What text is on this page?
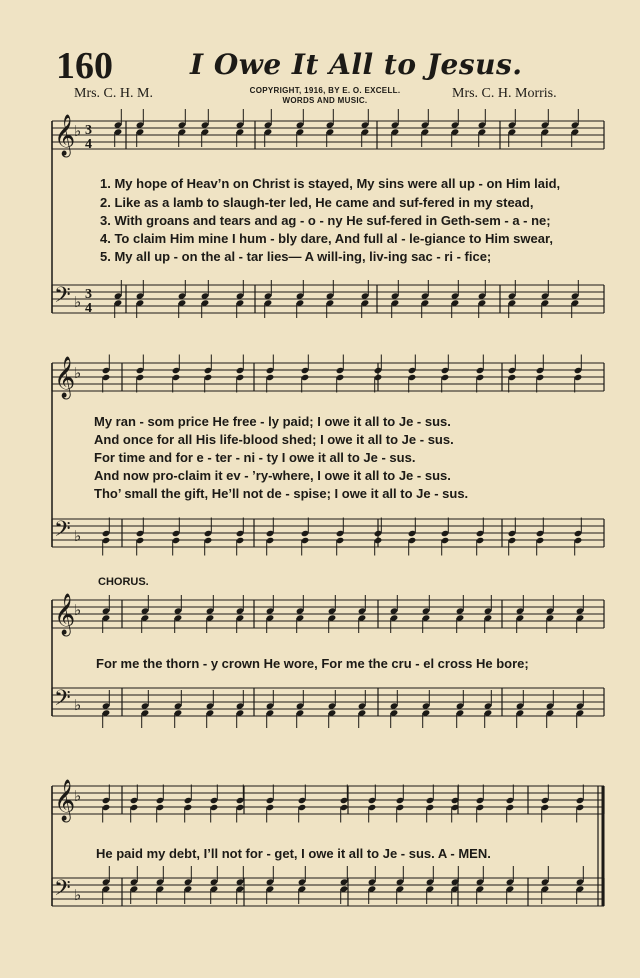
160	I Owe It All to Jesus.
Mrs. C. H. M.	COPYRIGHT, 1916, BY E. O. EXCELL.
WORDS AND MUSIC.	Mrs. C. H. Morris.
𝄞
♭ 3
4
𝄢 ♭ 3
4
𝄞
♭
𝄢 ♭
𝄞
♭
𝄢 ♭
𝄞
♭
𝄢 ♭
1. My hope of Heav’n on Christ is stayed, My sins were all up - on Him laid,
2. Like as a lamb to slaugh-ter led, He came and suf-fered in my stead,
3. With groans and tears and ag - o - ny He suf-fered in Geth-sem - a - ne;
4. To claim Him mine I hum - bly dare, And full al - le-giance to Him swear,
5. My all up - on the al - tar lies— A will-ing, liv-ing sac - ri - fice;
My ran - som price He free - ly paid; I owe it all to Je - sus.
And once for all His life-blood shed; I owe it all to Je - sus.
For time and for e - ter - ni - ty I owe it all to Je - sus.
And now pro-claim it ev - ’ry-where, I owe it all to Je - sus.
Tho’ small the gift, He’ll not de - spise; I owe it all to Je - sus.
CHORUS.
For me the thorn - y crown He wore, For me the cru - el cross He bore;
He paid my debt, I’ll not for - get, I owe it all to Je - sus. A - MEN.
